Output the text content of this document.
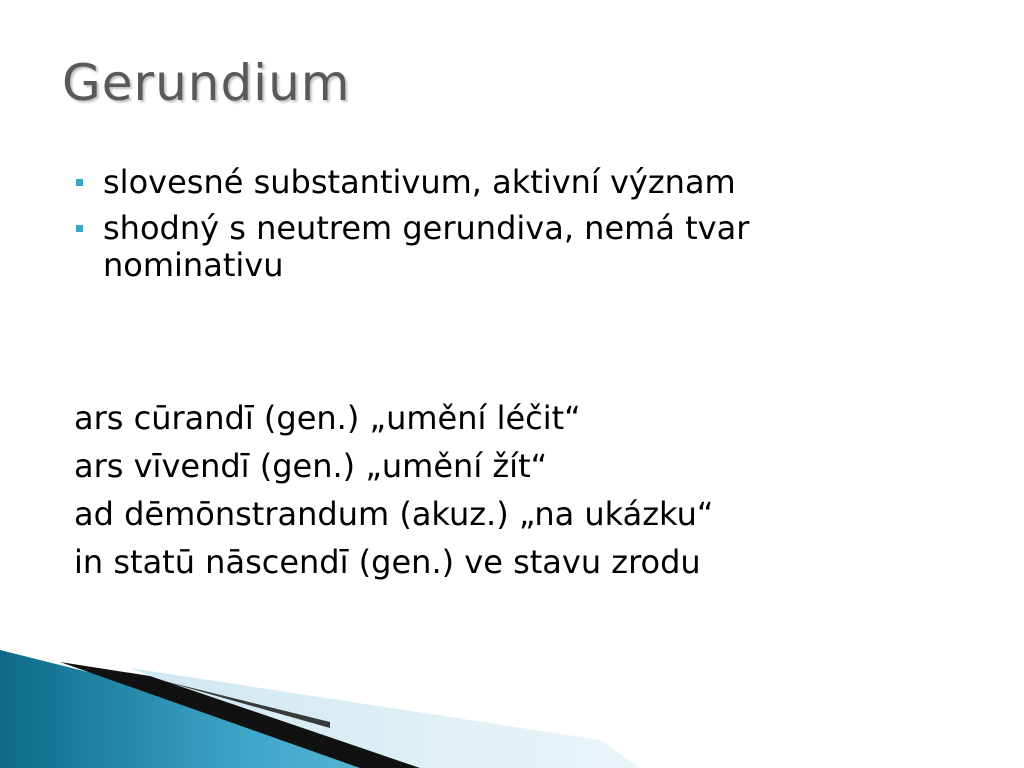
Gerundium
slovesné substantivum, aktivní význam
shodný s neutrem gerundiva, nemá tvar nominativu
ars cūrandī (gen.) „umění léčit“
ars vīvendī (gen.) „umění žít“
ad dēmōnstrandum (akuz.) „na ukázku“
in statū nāscendī (gen.) ve stavu zrodu
